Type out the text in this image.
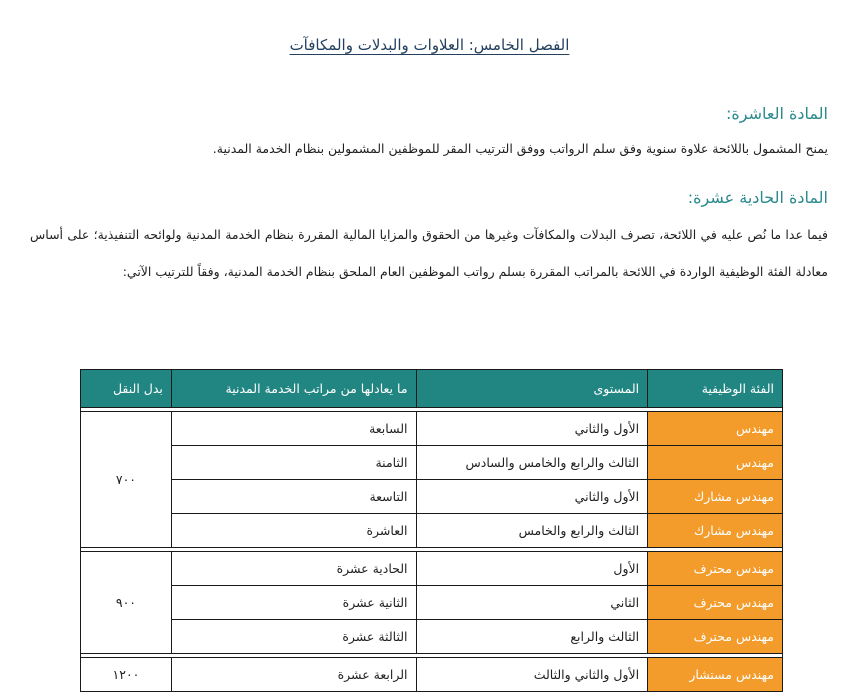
الفصل الخامس: العلاوات والبدلات والمكافآت
المادة العاشرة:
يمنح المشمول باللائحة علاوة سنوية وفق سلم الرواتب ووفق الترتيب المقر للموظفين المشمولين بنظام الخدمة المدنية.
المادة الحادية عشرة:
فيما عدا ما نُص عليه في اللائحة، تصرف البدلات والمكافآت وغيرها من الحقوق والمزايا المالية المقررة بنظام الخدمة المدنية ولوائحه التنفيذية؛ على أساس معادلة الفئة الوظيفية الواردة في اللائحة بالمراتب المقررة بسلم رواتب الموظفين العام الملحق بنظام الخدمة المدنية، وفقاً للترتيب الآتي:
الفئة الوظيفية	المستوى	ما يعادلها من مراتب الخدمة المدنية	بدل النقل

مهندس	الأول والثاني	السابعة	٧٠٠
مهندس	الثالث والرابع والخامس والسادس	الثامنة	
مهندس مشارك	الأول والثاني	التاسعة	
مهندس مشارك	الثالث والرابع والخامس	العاشرة	

مهندس محترف	الأول	الحادية عشرة	٩٠٠
مهندس محترف	الثاني	الثانية عشرة	
مهندس محترف	الثالث والرابع	الثالثة عشرة	

مهندس مستشار	الأول والثاني والثالث	الرابعة عشرة	١٢٠٠
